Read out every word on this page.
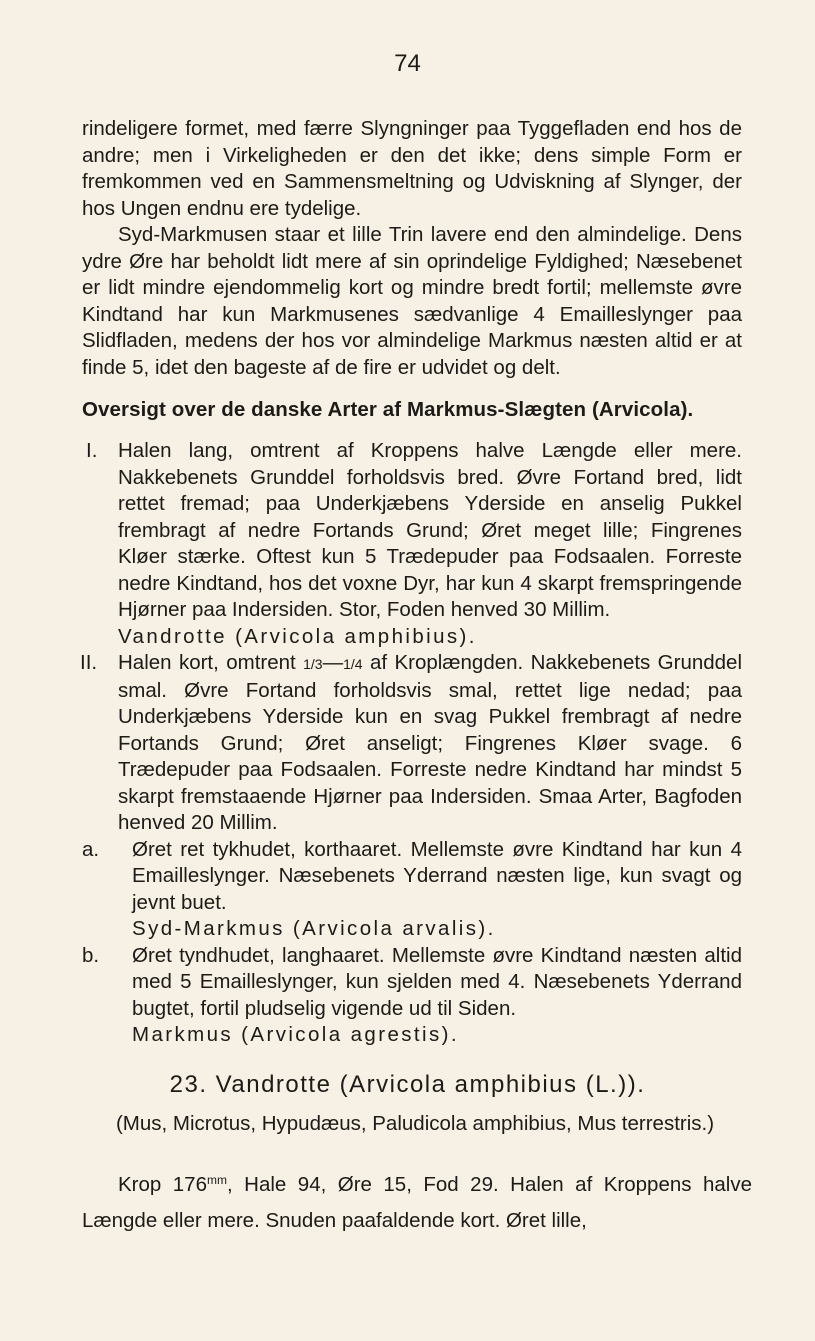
74

rindeligere formet, med færre Slyngninger paa Tyggefladen end hos de andre; men i Virkeligheden er den det ikke; dens simple Form er fremkommen ved en Sammensmeltning og Udviskning af Slynger, der hos Ungen endnu ere tydelige.

Syd-Markmusen staar et lille Trin lavere end den almindelige. Dens ydre Øre har beholdt lidt mere af sin oprindelige Fyldighed; Næsebenet er lidt mindre ejendommelig kort og mindre bredt fortil; mellemste øvre Kindtand har kun Markmusenes sædvanlige 4 Emailleslynger paa Slidfladen, medens der hos vor almindelige Markmus næsten altid er at finde 5, idet den bageste af de fire er udvidet og delt.

Oversigt over de danske Arter af Markmus-Slægten (Arvicola).
I. Halen lang, omtrent af Kroppens halve Længde eller mere. Nakkebenets Grunddel forholdsvis bred. Øvre Fortand bred, lidt rettet fremad; paa Underkjæbens Yderside en anselig Pukkel frembragt af nedre Fortands Grund; Øret meget lille; Fingrenes Kløer stærke. Oftest kun 5 Trædepuder paa Fodsaalen. Forreste nedre Kindtand, hos det voxne Dyr, har kun 4 skarpt fremspringende Hjørner paa Indersiden. Stor, Foden henved 30 Millim.
Vandrotte (Arvicola amphibius).
II. Halen kort, omtrent 1/3—1/4 af Kroplængden. Nakkebenets Grunddel smal. Øvre Fortand forholdsvis smal, rettet lige nedad; paa Underkjæbens Yderside kun en svag Pukkel frembragt af nedre Fortands Grund; Øret anseligt; Fingrenes Kløer svage. 6 Trædepuder paa Fodsaalen. Forreste nedre Kindtand har mindst 5 skarpt fremstaaende Hjørner paa Indersiden. Smaa Arter, Bagfoden henved 20 Millim.
a. Øret ret tykhudet, korthaaret. Mellemste øvre Kindtand har kun 4 Emailleslynger. Næsebenets Yderrand næsten lige, kun svagt og jevnt buet.
Syd-Markmus (Arvicola arvalis).
b. Øret tyndhudet, langhaaret. Mellemste øvre Kindtand næsten altid med 5 Emailleslynger, kun sjelden med 4. Næsebenets Yderrand bugtet, fortil pludselig vigende ud til Siden.
Markmus (Arvicola agrestis).
23. Vandrotte (Arvicola amphibius (L.)).
(Mus, Microtus, Hypudæus, Paludicola amphibius, Mus terrestris.)
Krop $176^{mm}$, Hale 94, Øre 15, Fod 29. Halen af Kroppens halve Længde eller mere. Snuden paafaldende kort. Øret lille,
